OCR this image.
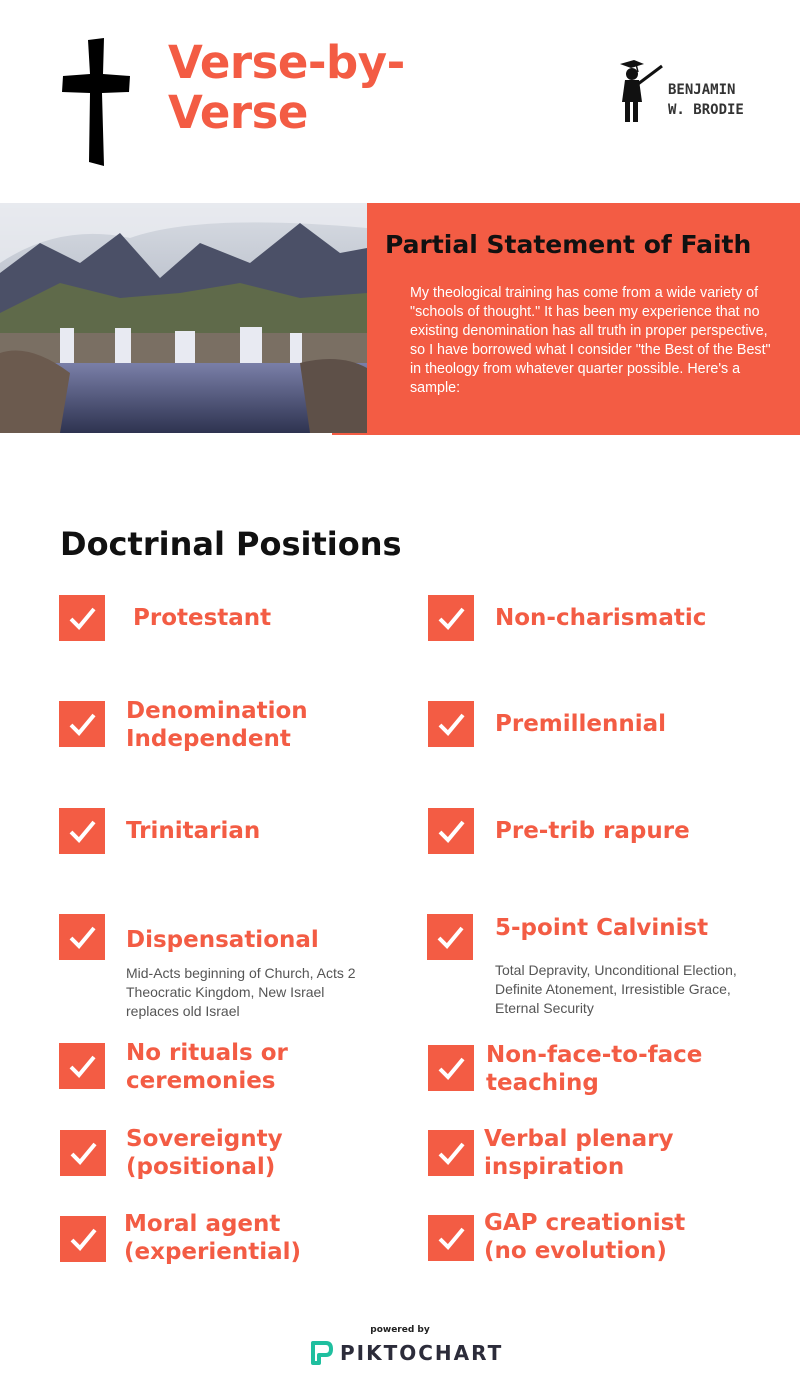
Verse-by-Verse	BENJAMIN
W. BRODIE
Partial Statement of Faith
My theological training has come from a wide variety of "schools of thought." It has been my experience that no existing denomination has all truth in proper perspective, so I have borrowed what I consider "the Best of the Best" in theology from whatever quarter possible. Here's a sample:
Doctrinal Positions
Protestant
Denomination Independent
Trinitarian
Dispensational
Mid-Acts beginning of Church, Acts 2 Theocratic Kingdom, New Israel replaces old Israel
No rituals or ceremonies
Sovereignty (positional)
Moral agent (experiential)
Non-charismatic
Premillennial
Pre-trib rapure
5-point Calvinist
Total Depravity, Unconditional Election, Definite Atonement, Irresistible Grace, Eternal Security
Non-face-to-face teaching
Verbal plenary inspiration
GAP creationist (no evolution)
powered by
PIKTOCHART
